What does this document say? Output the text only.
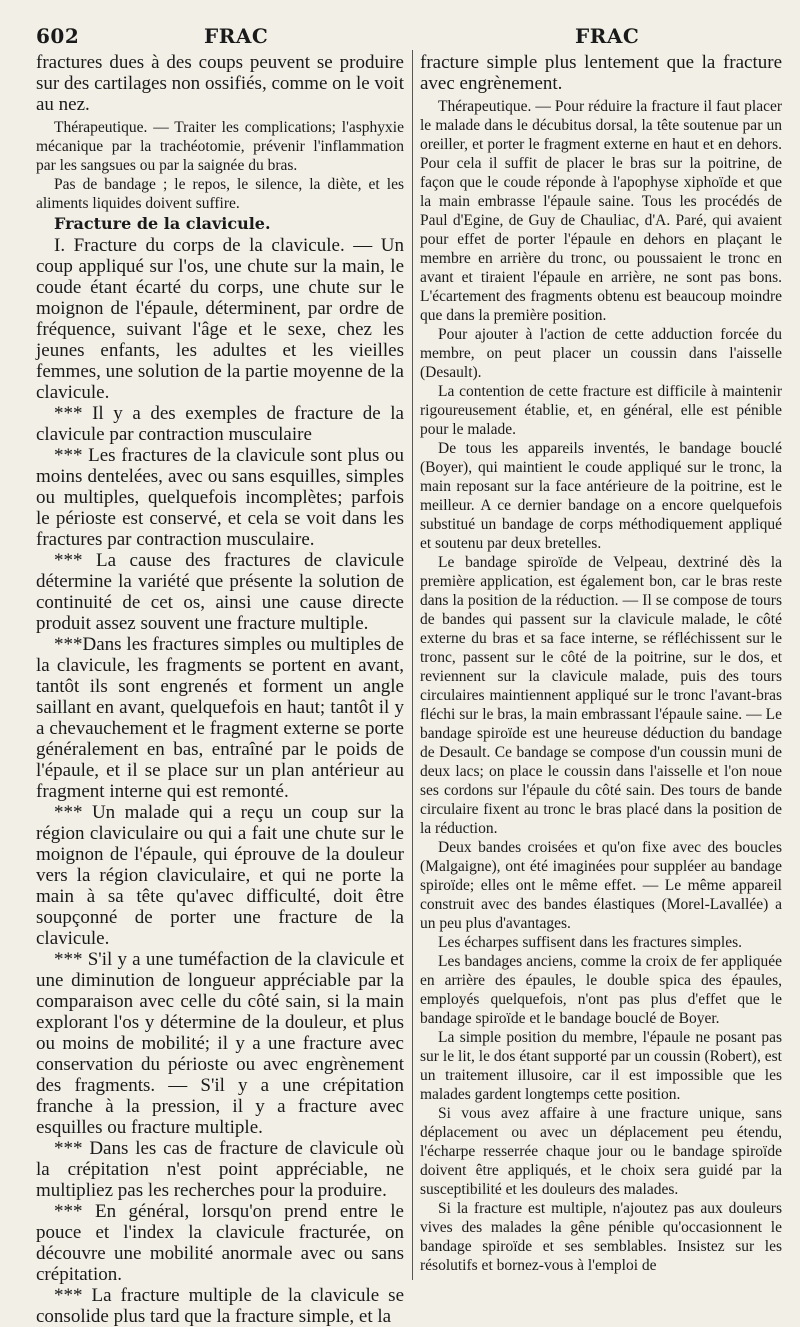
602	FRAC	FRAC

fractures dues à des coups peuvent se produire sur des cartilages non ossifiés, comme on le voit au nez.

Thérapeutique. — Traiter les complications; l'asphyxie mécanique par la trachéotomie, prévenir l'inflammation par les sangsues ou par la saignée du bras.

Pas de bandage ; le repos, le silence, la diète, et les aliments liquides doivent suffire.

Fracture de la clavicule.

I. Fracture du corps de la clavicule. — Un coup appliqué sur l'os, une chute sur la main, le coude étant écarté du corps, une chute sur le moignon de l'épaule, déterminent, par ordre de fréquence, suivant l'âge et le sexe, chez les jeunes enfants, les adultes et les vieilles femmes, une solution de la partie moyenne de la clavicule.

*** Il y a des exemples de fracture de la clavicule par contraction musculaire

*** Les fractures de la clavicule sont plus ou moins dentelées, avec ou sans esquilles, simples ou multiples, quelquefois incomplètes; parfois le périoste est conservé, et cela se voit dans les fractures par contraction musculaire.

*** La cause des fractures de clavicule détermine la variété que présente la solution de continuité de cet os, ainsi une cause directe produit assez souvent une fracture multiple.

***Dans les fractures simples ou multiples de la clavicule, les fragments se portent en avant, tantôt ils sont engrenés et forment un angle saillant en avant, quelquefois en haut; tantôt il y a chevauchement et le fragment externe se porte généralement en bas, entraîné par le poids de l'épaule, et il se place sur un plan antérieur au fragment interne qui est remonté.

*** Un malade qui a reçu un coup sur la région claviculaire ou qui a fait une chute sur le moignon de l'épaule, qui éprouve de la douleur vers la région claviculaire, et qui ne porte la main à sa tête qu'avec difficulté, doit être soupçonné de porter une fracture de la clavicule.

*** S'il y a une tuméfaction de la clavicule et une diminution de longueur appréciable par la comparaison avec celle du côté sain, si la main explorant l'os y détermine de la douleur, et plus ou moins de mobilité; il y a une fracture avec conservation du périoste ou avec engrènement des fragments. — S'il y a une crépitation franche à la pression, il y a fracture avec esquilles ou fracture multiple.

*** Dans les cas de fracture de clavicule où la crépitation n'est point appréciable, ne multipliez pas les recherches pour la produire.

*** En général, lorsqu'on prend entre le pouce et l'index la clavicule fracturée, on découvre une mobilité anormale avec ou sans crépitation.

*** La fracture multiple de la clavicule se consolide plus tard que la fracture simple, et la

fracture simple plus lentement que la fracture avec engrènement.

Thérapeutique. — Pour réduire la fracture il faut placer le malade dans le décubitus dorsal, la tête soutenue par un oreiller, et porter le fragment externe en haut et en dehors. Pour cela il suffit de placer le bras sur la poitrine, de façon que le coude réponde à l'apophyse xiphoïde et que la main embrasse l'épaule saine. Tous les procédés de Paul d'Egine, de Guy de Chauliac, d'A. Paré, qui avaient pour effet de porter l'épaule en dehors en plaçant le membre en arrière du tronc, ou poussaient le tronc en avant et tiraient l'épaule en arrière, ne sont pas bons. L'écartement des fragments obtenu est beaucoup moindre que dans la première position.

Pour ajouter à l'action de cette adduction forcée du membre, on peut placer un coussin dans l'aisselle (Desault).

La contention de cette fracture est difficile à maintenir rigoureusement établie, et, en général, elle est pénible pour le malade.

De tous les appareils inventés, le bandage bouclé (Boyer), qui maintient le coude appliqué sur le tronc, la main reposant sur la face antérieure de la poitrine, est le meilleur. A ce dernier bandage on a encore quelquefois substitué un bandage de corps méthodiquement appliqué et soutenu par deux bretelles.

Le bandage spiroïde de Velpeau, dextriné dès la première application, est également bon, car le bras reste dans la position de la réduction. — Il se compose de tours de bandes qui passent sur la clavicule malade, le côté externe du bras et sa face interne, se réfléchissent sur le tronc, passent sur le côté de la poitrine, sur le dos, et reviennent sur la clavicule malade, puis des tours circulaires maintiennent appliqué sur le tronc l'avant-bras fléchi sur le bras, la main embrassant l'épaule saine. — Le bandage spiroïde est une heureuse déduction du bandage de Desault. Ce bandage se compose d'un coussin muni de deux lacs; on place le coussin dans l'aisselle et l'on noue ses cordons sur l'épaule du côté sain. Des tours de bande circulaire fixent au tronc le bras placé dans la position de la réduction.

Deux bandes croisées et qu'on fixe avec des boucles (Malgaigne), ont été imaginées pour suppléer au bandage spiroïde; elles ont le même effet. — Le même appareil construit avec des bandes élastiques (Morel-Lavallée) a un peu plus d'avantages.

Les écharpes suffisent dans les fractures simples.

Les bandages anciens, comme la croix de fer appliquée en arrière des épaules, le double spica des épaules, employés quelquefois, n'ont pas plus d'effet que le bandage spiroïde et le bandage bouclé de Boyer.

La simple position du membre, l'épaule ne posant pas sur le lit, le dos étant supporté par un coussin (Robert), est un traitement illusoire, car il est impossible que les malades gardent longtemps cette position.

Si vous avez affaire à une fracture unique, sans déplacement ou avec un déplacement peu étendu, l'écharpe resserrée chaque jour ou le bandage spiroïde doivent être appliqués, et le choix sera guidé par la susceptibilité et les douleurs des malades.

Si la fracture est multiple, n'ajoutez pas aux douleurs vives des malades la gêne pénible qu'occasionnent le bandage spiroïde et ses semblables. Insistez sur les résolutifs et bornez-vous à l'emploi de
